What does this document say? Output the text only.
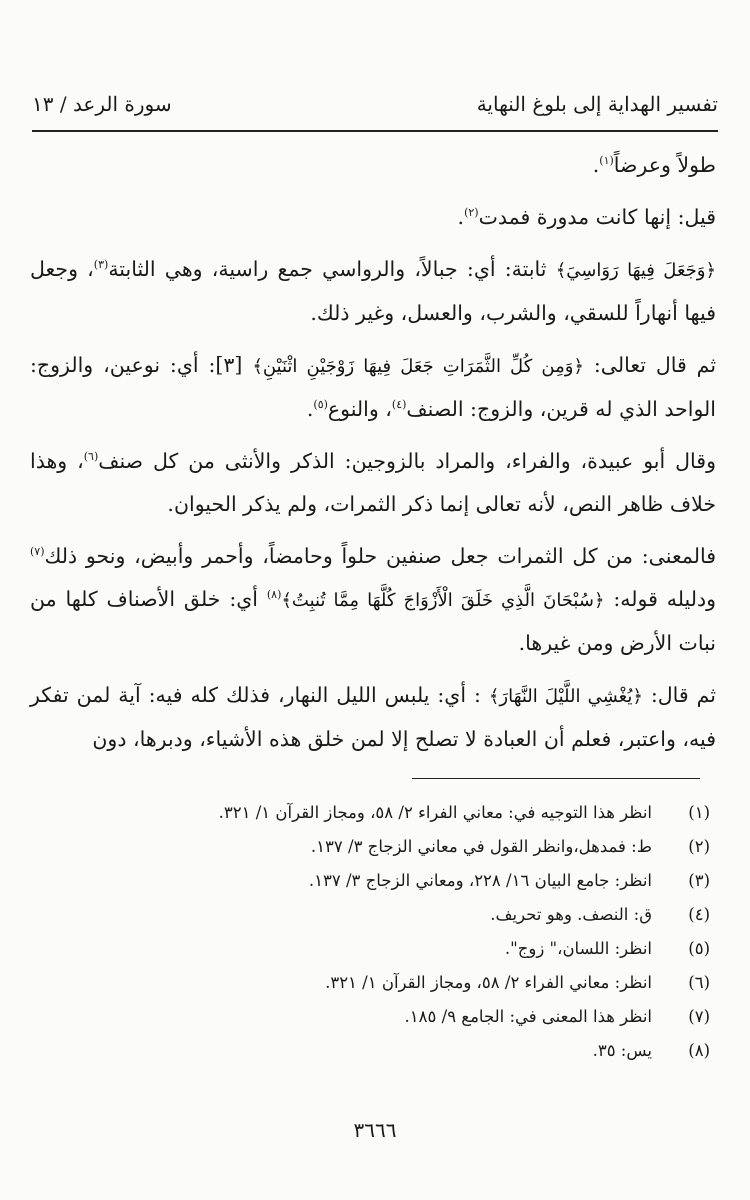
تفسير الهداية إلى بلوغ النهاية
سورة الرعد / ١٣

طولاً وعرضاً$^{(١)}$.

قيل: إنها كانت مدورة فمدت$^{(٢)}$.

﴿وَجَعَلَ فِيهَا رَوَاسِيَ﴾ ثابتة: أي: جبالاً، والرواسي جمع راسية، وهي الثابتة$^{(٣)}$، وجعل فيها أنهاراً للسقي، والشرب، والعسل، وغير ذلك.

ثم قال تعالى: ﴿وَمِن كُلِّ الثَّمَرَاتِ جَعَلَ فِيهَا زَوْجَيْنِ اثْنَيْنِ﴾ [٣]: أي: نوعين، والزوج: الواحد الذي له قرين، والزوج: الصنف$^{(٤)}$، والنوع$^{(٥)}$.

وقال أبو عبيدة، والفراء، والمراد بالزوجين: الذكر والأنثى من كل صنف$^{(٦)}$، وهذا خلاف ظاهر النص، لأنه تعالى إنما ذكر الثمرات، ولم يذكر الحيوان.

فالمعنى: من كل الثمرات جعل صنفين حلواً وحامضاً، وأحمر وأبيض، ونحو ذلك$^{(٧)}$ ودليله قوله: ﴿سُبْحَانَ الَّذِي خَلَقَ الْأَزْوَاجَ كُلَّهَا مِمَّا تُنبِتُ﴾$^{(٨)}$ أي: خلق الأصناف كلها من نبات الأرض ومن غيرها.

ثم قال: ﴿يُغْشِي اللَّيْلَ النَّهَارَ﴾ : أي: يلبس الليل النهار، فذلك كله فيه: آية لمن تفكر فيه، واعتبر، فعلم أن العبادة لا تصلح إلا لمن خلق هذه الأشياء، ودبرها، دون

(١)
انظر هذا التوجيه في: معاني الفراء ٢/ ٥٨، ومجاز القرآن ١/ ٣٢١.
(٢)
ط: فمدهل،وانظر القول في معاني الزجاج ٣/ ١٣٧.
(٣)
انظر: جامع البيان ١٦/ ٢٢٨، ومعاني الزجاج ٣/ ١٣٧.
(٤)
ق: النصف. وهو تحريف.
(٥)
انظر: اللسان،" زوج".
(٦)
انظر: معاني الفراء ٢/ ٥٨، ومجاز القرآن ١/ ٣٢١.
(٧)
انظر هذا المعنى في: الجامع ٩/ ١٨٥.
(٨)
يس: ٣٥.
٣٦٦٦
